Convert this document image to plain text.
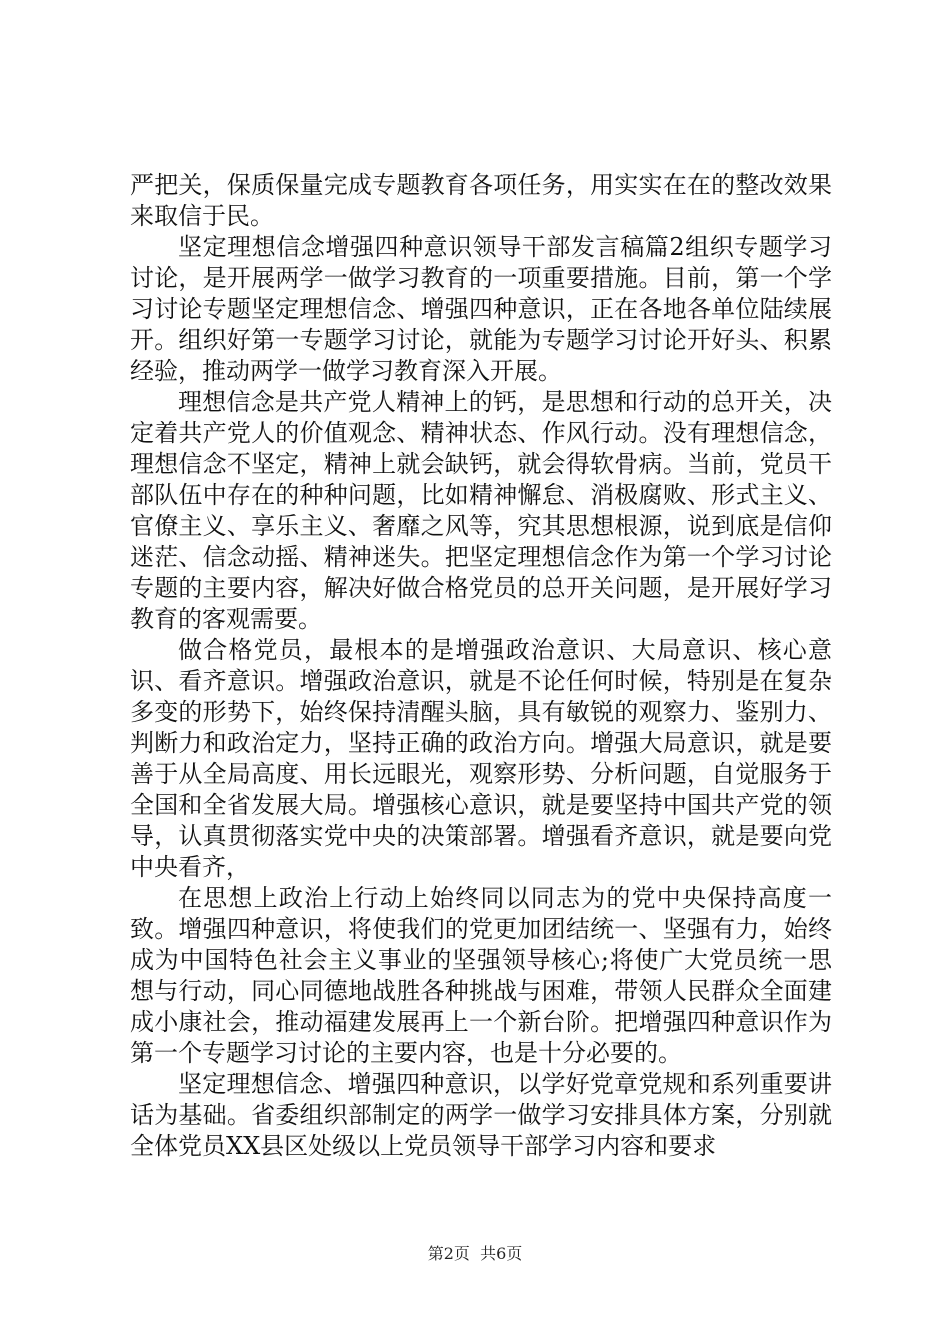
严把关，保质保量完成专题教育各项任务，用实实在在的整改效果来取信于民。

坚定理想信念增强四种意识领导干部发言稿篇2组织专题学习讨论，是开展两学一做学习教育的一项重要措施。目前，第一个学习讨论专题坚定理想信念、增强四种意识，正在各地各单位陆续展开。组织好第一专题学习讨论，就能为专题学习讨论开好头、积累经验，推动两学一做学习教育深入开展。

理想信念是共产党人精神上的钙，是思想和行动的总开关，决定着共产党人的价值观念、精神状态、作风行动。没有理想信念，理想信念不坚定，精神上就会缺钙，就会得软骨病。当前，党员干部队伍中存在的种种问题，比如精神懈怠、消极腐败、形式主义、官僚主义、享乐主义、奢靡之风等，究其思想根源，说到底是信仰迷茫、信念动摇、精神迷失。把坚定理想信念作为第一个学习讨论专题的主要内容，解决好做合格党员的总开关问题，是开展好学习教育的客观需要。

做合格党员，最根本的是增强政治意识、大局意识、核心意识、看齐意识。增强政治意识，就是不论任何时候，特别是在复杂多变的形势下，始终保持清醒头脑，具有敏锐的观察力、鉴别力、判断力和政治定力，坚持正确的政治方向。增强大局意识，就是要善于从全局高度、用长远眼光，观察形势、分析问题，自觉服务于全国和全省发展大局。增强核心意识，就是要坚持中国共产党的领导，认真贯彻落实党中央的决策部署。增强看齐意识，就是要向党中央看齐，

在思想上政治上行动上始终同以同志为的党中央保持高度一致。增强四种意识，将使我们的党更加团结统一、坚强有力，始终成为中国特色社会主义事业的坚强领导核心;将使广大党员统一思想与行动，同心同德地战胜各种挑战与困难，带领人民群众全面建成小康社会，推动福建发展再上一个新台阶。把增强四种意识作为第一个专题学习讨论的主要内容，也是十分必要的。

坚定理想信念、增强四种意识，以学好党章党规和系列重要讲话为基础。省委组织部制定的两学一做学习安排具体方案，分别就全体党员XX县区处级以上党员领导干部学习内容和要求

第2页  共6页
